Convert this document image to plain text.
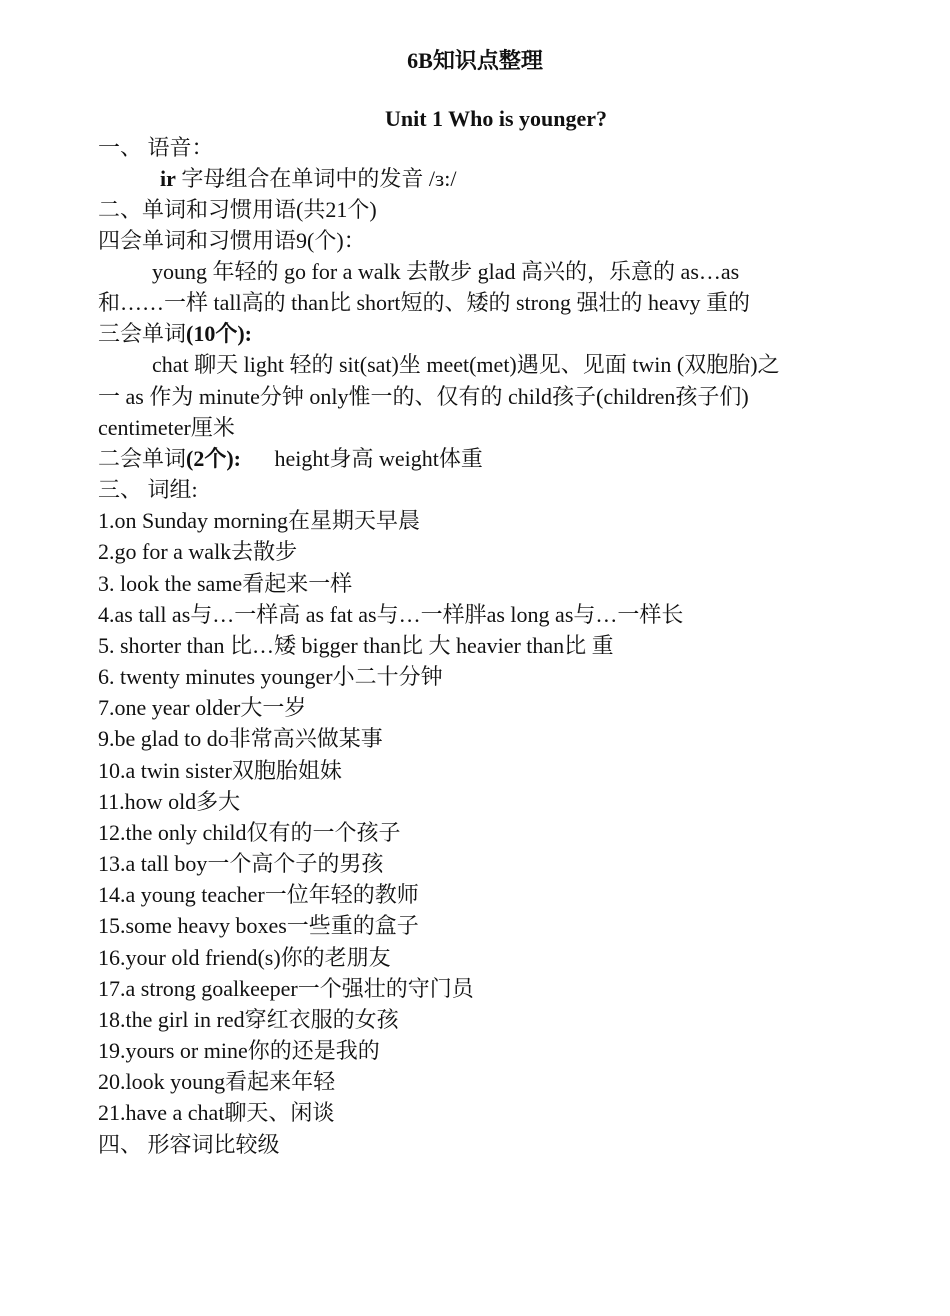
6B知识点整理
Unit 1 Who is younger?
一、 语音：
ir 字母组合在单词中的发音 /ɜ:/
二、单词和习惯用语(共21个)
四会单词和习惯用语9(个)：
young 年轻的 go for a walk 去散步 glad 高兴的，乐意的 as…as
和……一样 tall高的 than比 short短的、矮的 strong 强壮的 heavy 重的
三会单词(10个):
chat 聊天 light 轻的 sit(sat)坐 meet(met)遇见、见面 twin (双胞胎)之
一 as 作为 minute分钟 only惟一的、仅有的 child孩子(children孩子们)
centimeter厘米
二会单词(2个): height身高 weight体重
三、 词组:
1.on Sunday morning在星期天早晨
2.go for a walk去散步
3. look the same看起来一样
4.as tall as与…一样高 as fat as与…一样胖as long as与…一样长
5. shorter than 比…矮 bigger than比 大 heavier than比 重
6. twenty minutes younger小二十分钟
7.one year older大一岁
9.be glad to do非常高兴做某事
10.a twin sister双胞胎姐妹
11.how old多大
12.the only child仅有的一个孩子
13.a tall boy一个高个子的男孩
14.a young teacher一位年轻的教师
15.some heavy boxes一些重的盒子
16.your old friend(s)你的老朋友
17.a strong goalkeeper一个强壮的守门员
18.the girl in red穿红衣服的女孩
19.yours or mine你的还是我的
20.look young看起来年轻
21.have a chat聊天、闲谈
四、 形容词比较级
